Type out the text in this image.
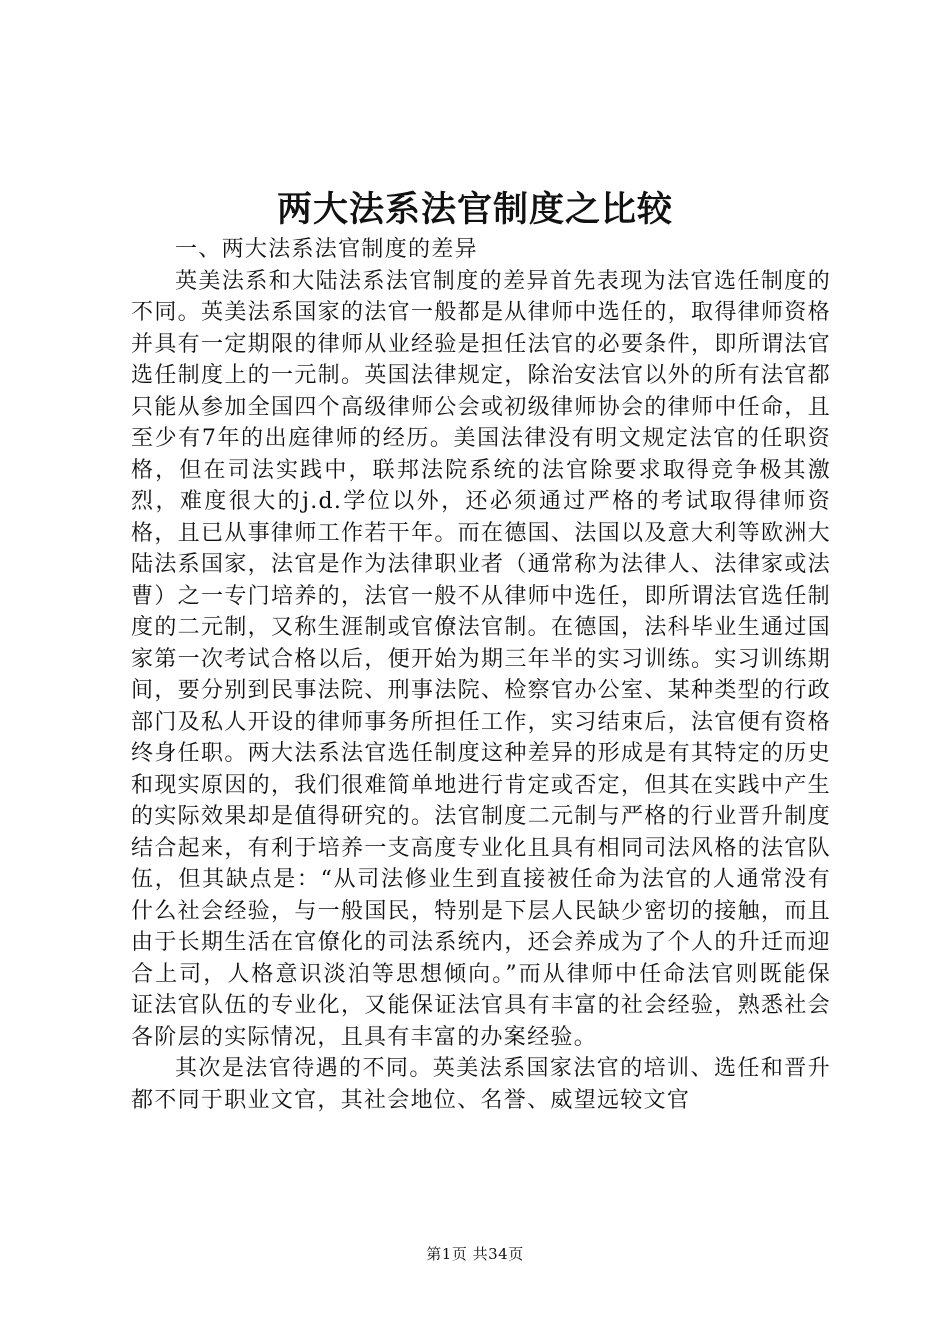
两大法系法官制度之比较

一、两大法系法官制度的差异

英美法系和大陆法系法官制度的差异首先表现为法官选任制度的不同。英美法系国家的法官一般都是从律师中选任的，取得律师资格并具有一定期限的律师从业经验是担任法官的必要条件，即所谓法官选任制度上的一元制。英国法律规定，除治安法官以外的所有法官都只能从参加全国四个高级律师公会或初级律师协会的律师中任命，且至少有7年的出庭律师的经历。美国法律没有明文规定法官的任职资格，但在司法实践中，联邦法院系统的法官除要求取得竞争极其激烈，难度很大的j.d.学位以外，还必须通过严格的考试取得律师资格，且已从事律师工作若干年。而在德国、法国以及意大利等欧洲大陆法系国家，法官是作为法律职业者（通常称为法律人、法律家或法曹）之一专门培养的，法官一般不从律师中选任，即所谓法官选任制度的二元制，又称生涯制或官僚法官制。在德国，法科毕业生通过国家第一次考试合格以后，便开始为期三年半的实习训练。实习训练期间，要分别到民事法院、刑事法院、检察官办公室、某种类型的行政部门及私人开设的律师事务所担任工作，实习结束后，法官便有资格终身任职。两大法系法官选任制度这种差异的形成是有其特定的历史和现实原因的，我们很难简单地进行肯定或否定，但其在实践中产生的实际效果却是值得研究的。法官制度二元制与严格的行业晋升制度结合起来，有利于培养一支高度专业化且具有相同司法风格的法官队伍，但其缺点是：“从司法修业生到直接被任命为法官的人通常没有什么社会经验，与一般国民，特别是下层人民缺少密切的接触，而且由于长期生活在官僚化的司法系统内，还会养成为了个人的升迁而迎合上司，人格意识淡泊等思想倾向。”而从律师中任命法官则既能保证法官队伍的专业化，又能保证法官具有丰富的社会经验，熟悉社会各阶层的实际情况，且具有丰富的办案经验。

其次是法官待遇的不同。英美法系国家法官的培训、选任和晋升都不同于职业文官，其社会地位、名誉、威望远较文官

第1页 共34页
